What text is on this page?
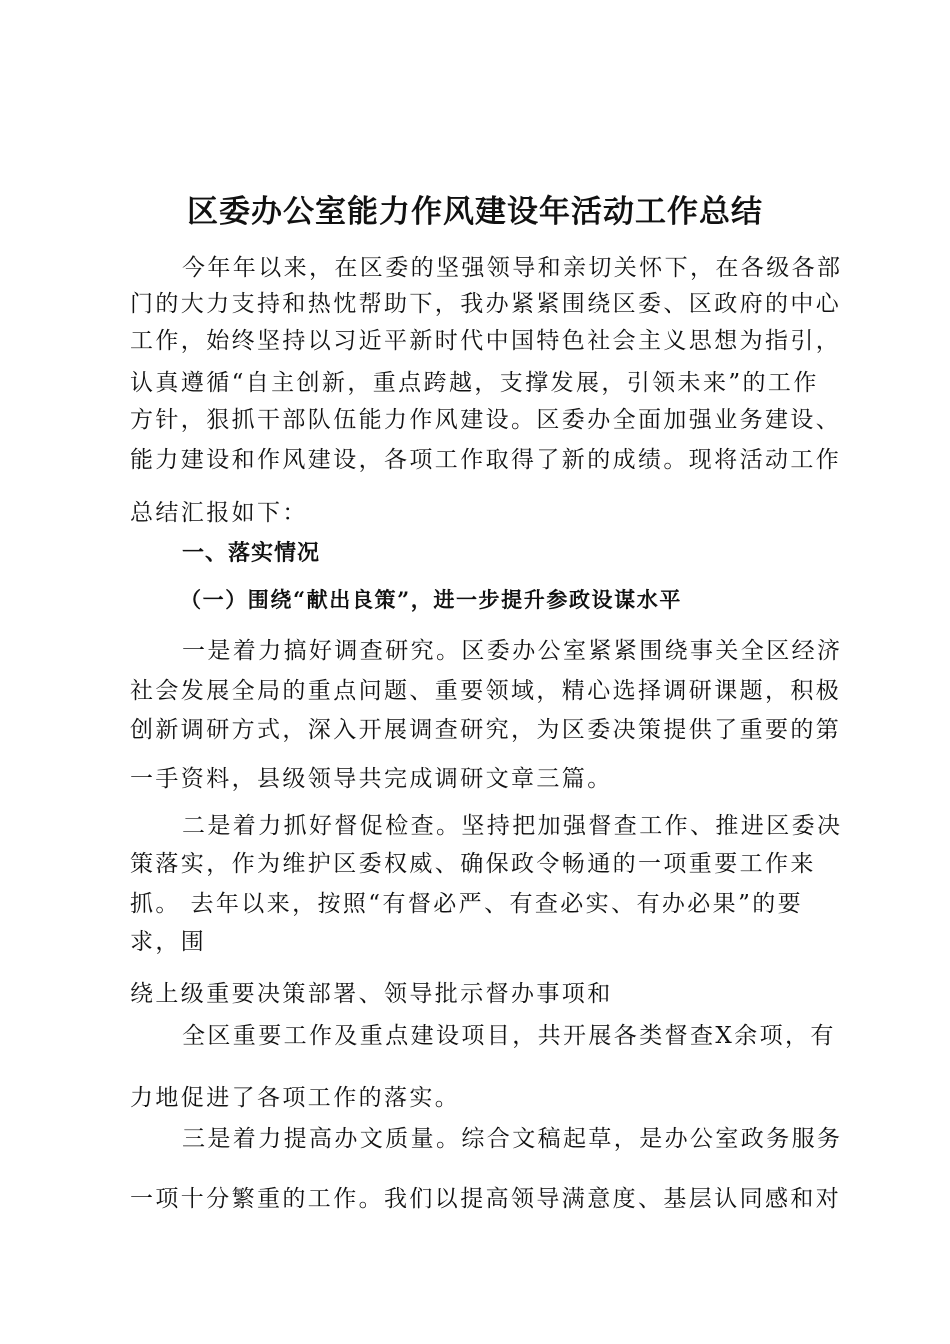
区委办公室能力作风建设年活动工作总结
今年年以来，在区委的坚强领导和亲切关怀下，在各级各部
门的大力支持和热忱帮助下，我办紧紧围绕区委、区政府的中心
工作，始终坚持以习近平新时代中国特色社会主义思想为指引，
认真遵循“自主创新，重点跨越，支撑发展，引领未来”的工作
方针，狠抓干部队伍能力作风建设。区委办全面加强业务建设、
能力建设和作风建设，各项工作取得了新的成绩。现将活动工作
总结汇报如下：
一、落实情况
（一）围绕“献出良策”，进一步提升参政设谋水平
一是着力搞好调查研究。区委办公室紧紧围绕事关全区经济
社会发展全局的重点问题、重要领域，精心选择调研课题，积极
创新调研方式，深入开展调查研究，为区委决策提供了重要的第
一手资料，县级领导共完成调研文章三篇。
二是着力抓好督促检查。坚持把加强督查工作、推进区委决
策落实，作为维护区委权威、确保政令畅通的一项重要工作来
抓。 去年以来，按照“有督必严、有查必实、有办必果”的要
求，围
绕上级重要决策部署、领导批示督办事项和
全区重要工作及重点建设项目，共开展各类督查X余项，有
力地促进了各项工作的落实。
三是着力提高办文质量。综合文稿起草，是办公室政务服务
一项十分繁重的工作。我们以提高领导满意度、基层认同感和对
